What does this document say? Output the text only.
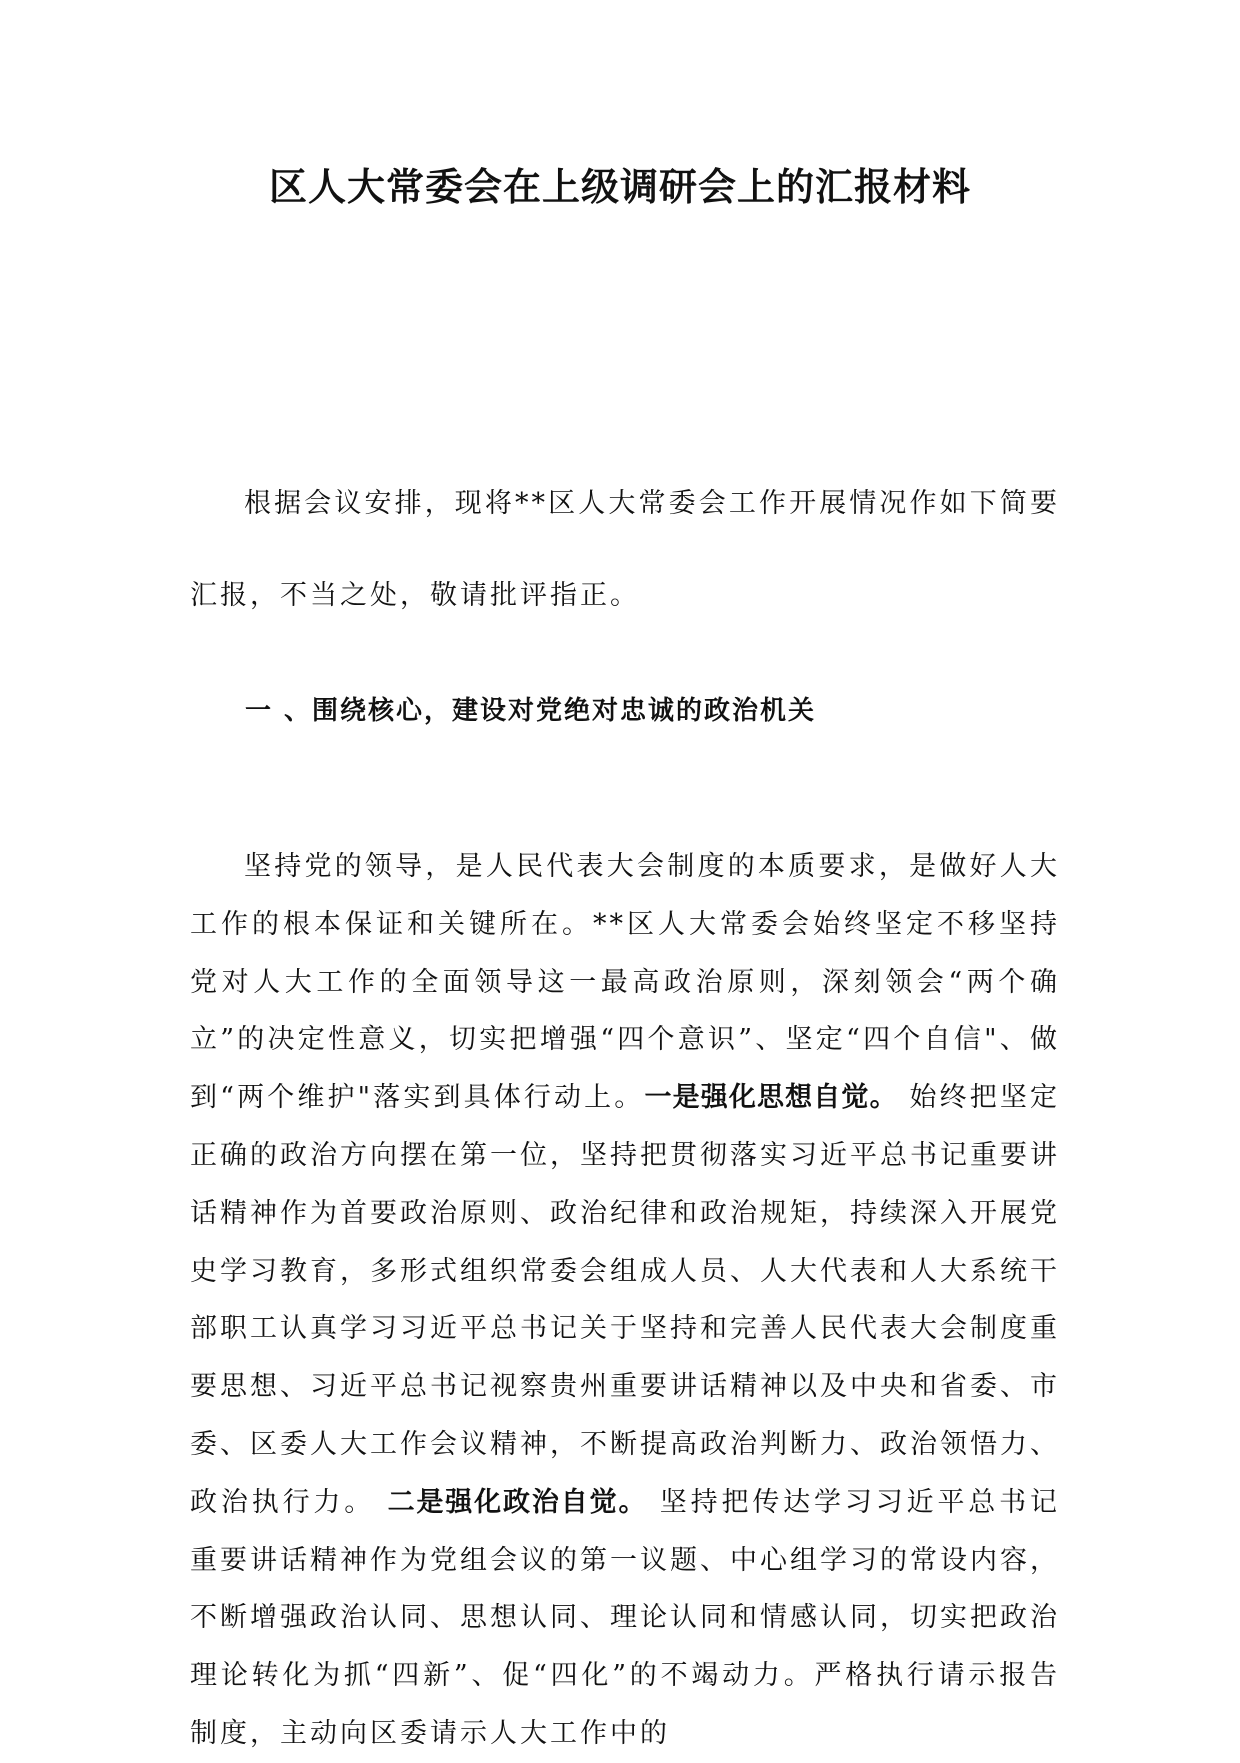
区人大常委会在上级调研会上的汇报材料

根据会议安排，现将**区人大常委会工作开展情况作如下简要汇报，不当之处，敬请批评指正。

一 、围绕核心，建设对党绝对忠诚的政治机关

坚持党的领导，是人民代表大会制度的本质要求，是做好人大工作的根本保证和关键所在。**区人大常委会始终坚定不移坚持党对人大工作的全面领导这一最高政治原则，深刻领会“两个确立”的决定性意义，切实把增强“四个意识”、坚定“四个自信"、做到“两个维护"落实到具体行动上。一是强化思想自觉。 始终把坚定正确的政治方向摆在第一位，坚持把贯彻落实习近平总书记重要讲话精神作为首要政治原则、政治纪律和政治规矩，持续深入开展党史学习教育，多形式组织常委会组成人员、人大代表和人大系统干部职工认真学习习近平总书记关于坚持和完善人民代表大会制度重要思想、习近平总书记视察贵州重要讲话精神以及中央和省委、市委、区委人大工作会议精神，不断提高政治判断力、政治领悟力、政治执行力。 二是强化政治自觉。 坚持把传达学习习近平总书记重要讲话精神作为党组会议的第一议题、中心组学习的常设内容，不断增强政治认同、思想认同、理论认同和情感认同，切实把政治理论转化为抓“四新”、促“四化”的不竭动力。严格执行请示报告制度，主动向区委请示人大工作中的
